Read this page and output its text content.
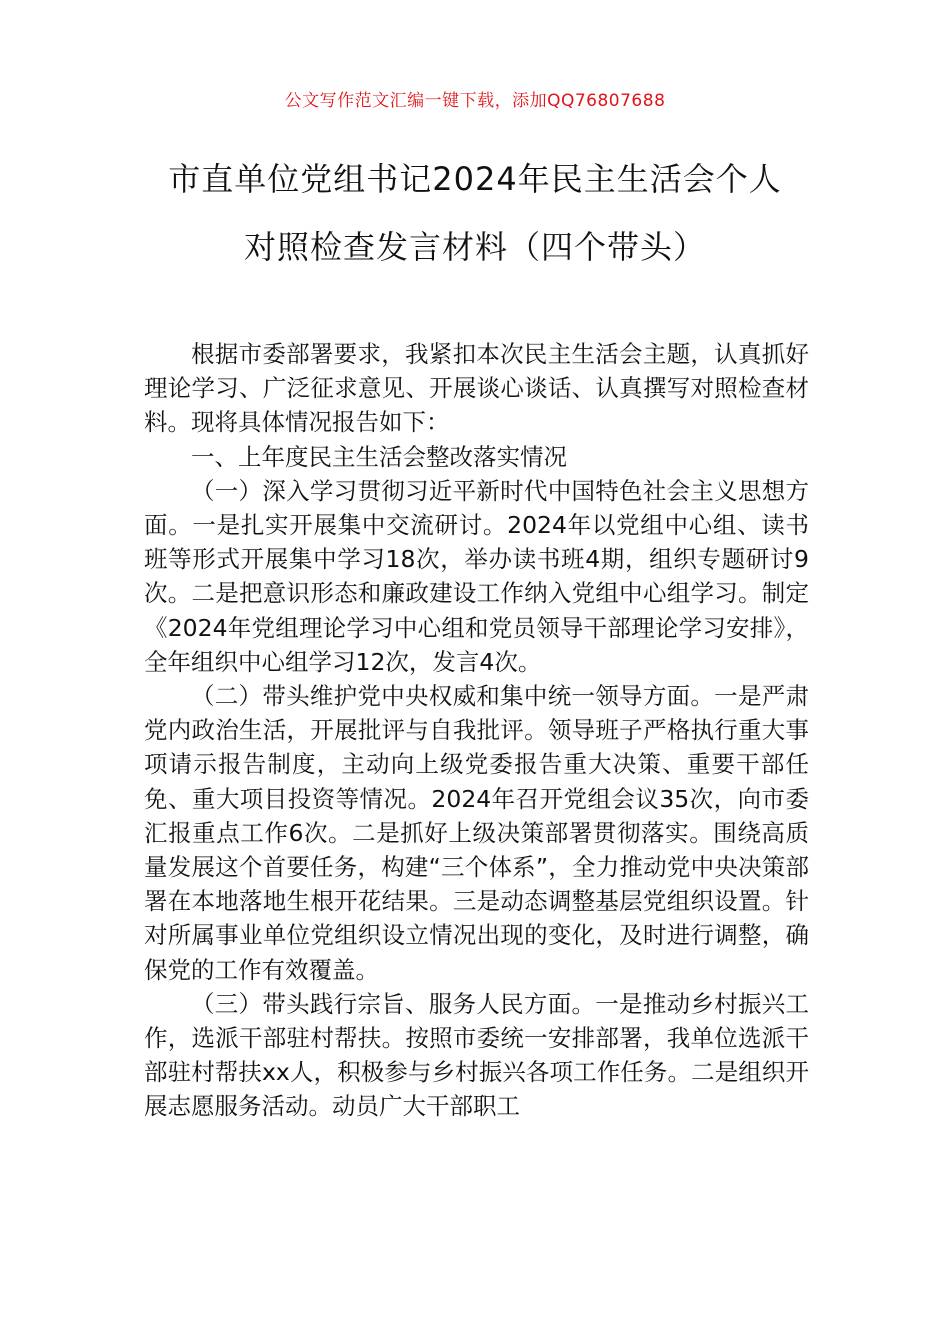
公文写作范文汇编一键下载，添加QQ76807688
市直单位党组书记2024年民主生活会个人
对照检查发言材料（四个带头）

根据市委部署要求，我紧扣本次民主生活会主题，认真抓好理论学习、广泛征求意见、开展谈心谈话、认真撰写对照检查材料。现将具体情况报告如下：

一、上年度民主生活会整改落实情况

（一）深入学习贯彻习近平新时代中国特色社会主义思想方面。一是扎实开展集中交流研讨。2024年以党组中心组、读书班等形式开展集中学习18次，举办读书班4期，组织专题研讨9次。二是把意识形态和廉政建设工作纳入党组中心组学习。制定《2024年党组理论学习中心组和党员领导干部理论学习安排》，全年组织中心组学习12次，发言4次。

（二）带头维护党中央权威和集中统一领导方面。一是严肃党内政治生活，开展批评与自我批评。领导班子严格执行重大事项请示报告制度，主动向上级党委报告重大决策、重要干部任免、重大项目投资等情况。2024年召开党组会议35次，向市委汇报重点工作6次。二是抓好上级决策部署贯彻落实。围绕高质量发展这个首要任务，构建“三个体系”，全力推动党中央决策部署在本地落地生根开花结果。三是动态调整基层党组织设置。针对所属事业单位党组织设立情况出现的变化，及时进行调整，确保党的工作有效覆盖。

（三）带头践行宗旨、服务人民方面。一是推动乡村振兴工作，选派干部驻村帮扶。按照市委统一安排部署，我单位选派干部驻村帮扶xx人，积极参与乡村振兴各项工作任务。二是组织开展志愿服务活动。动员广大干部职工
